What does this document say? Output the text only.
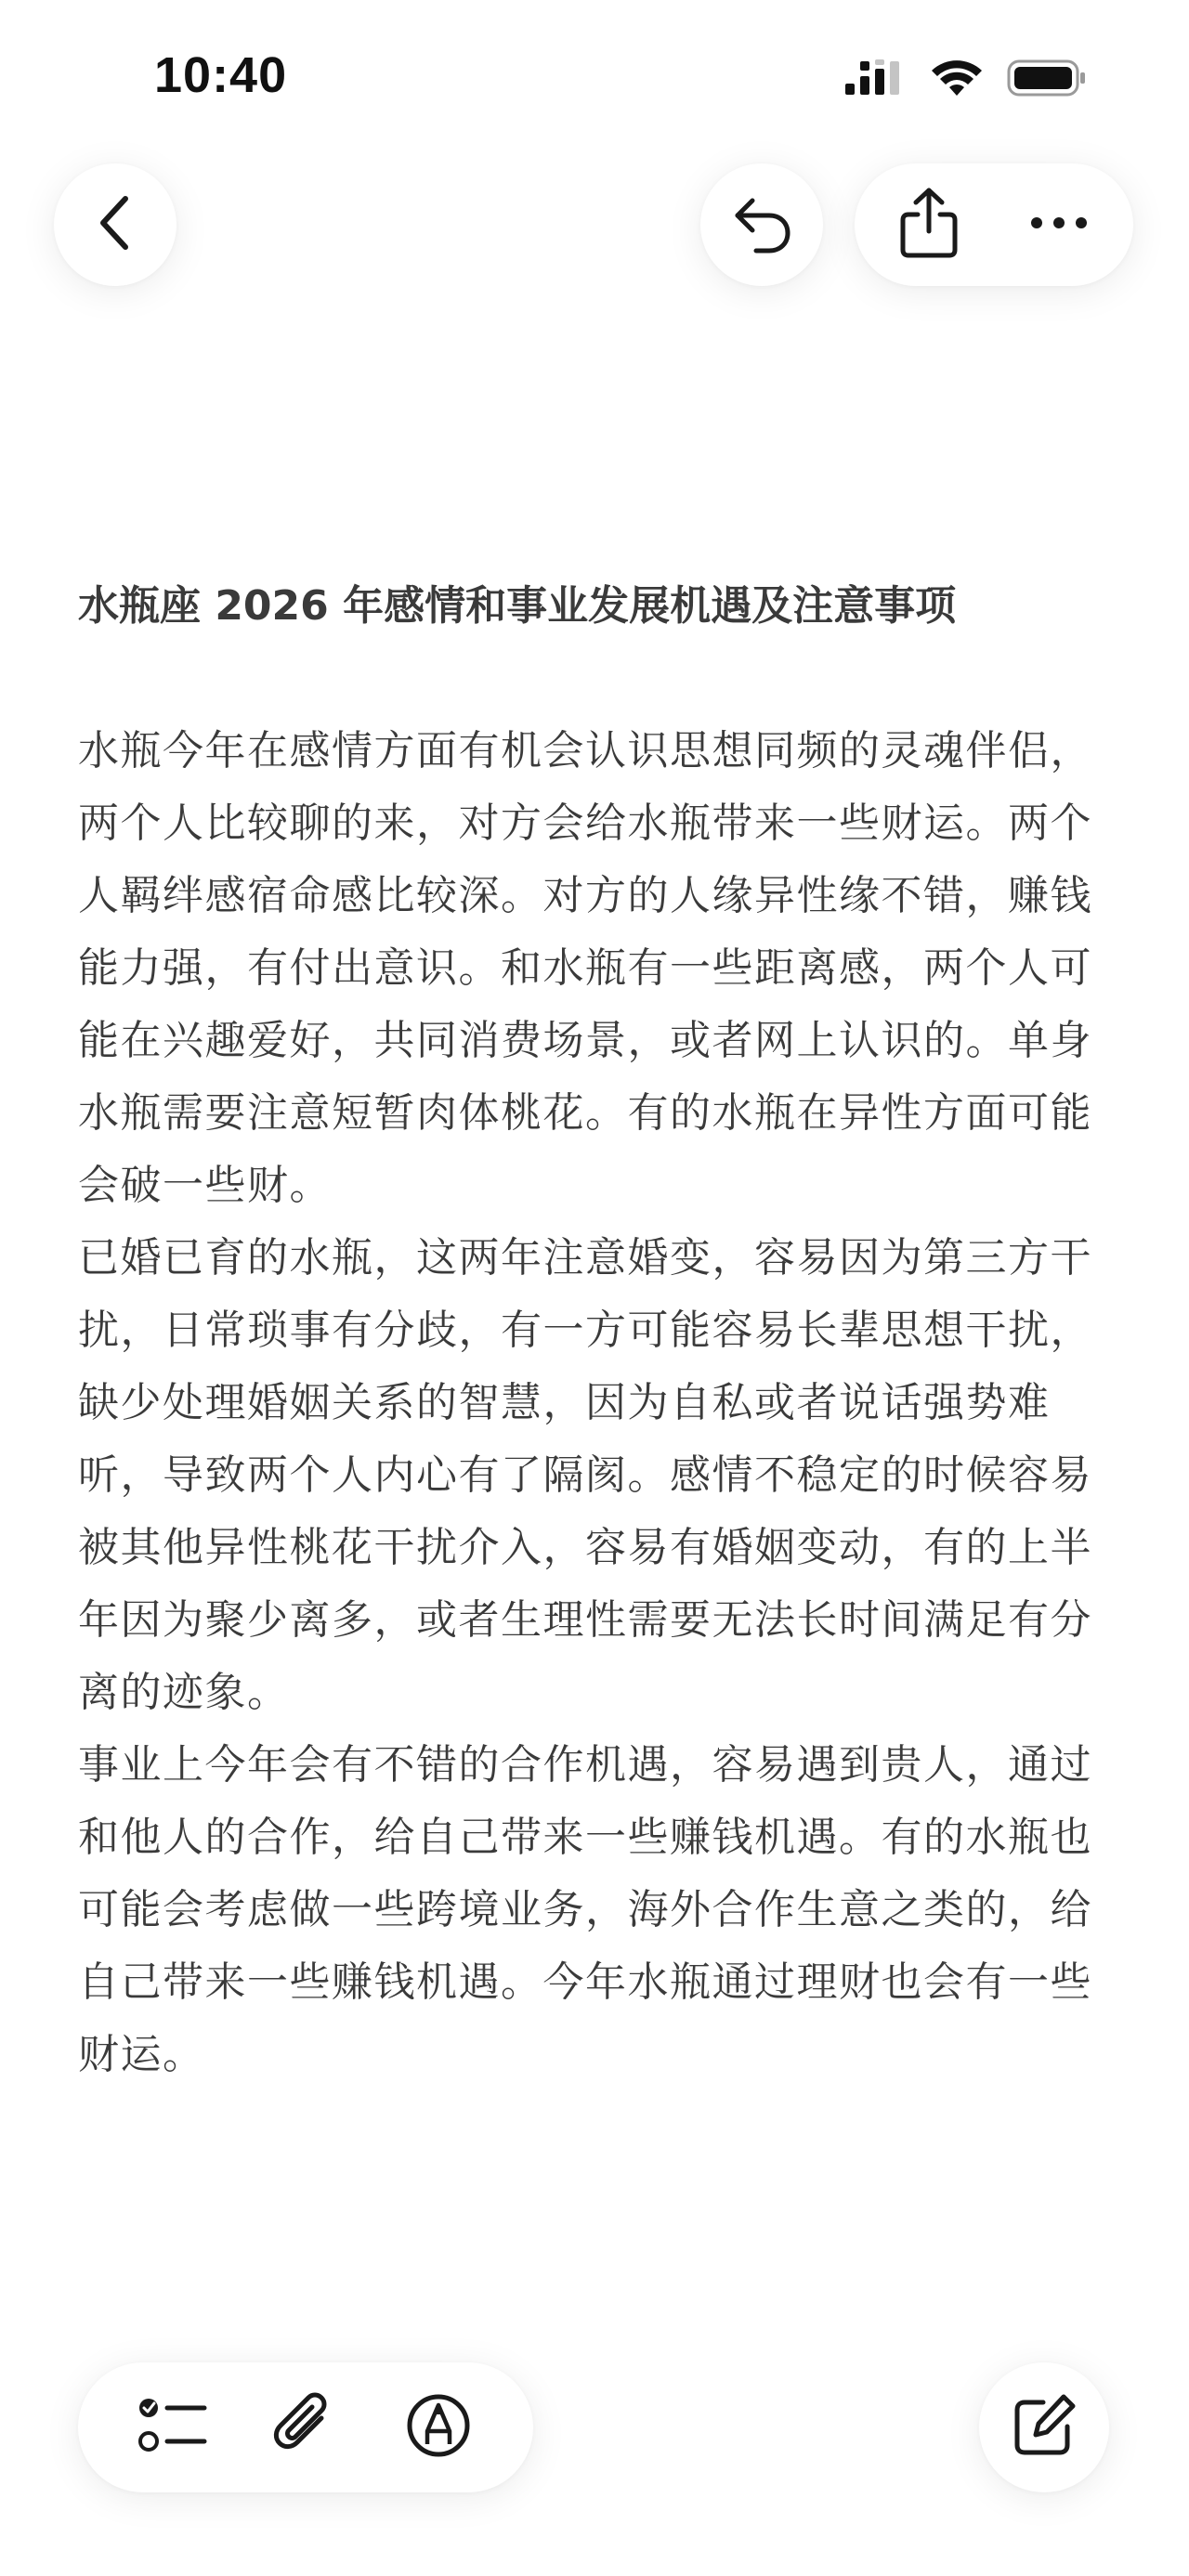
10:40
水瓶座 2026 年感情和事业发展机遇及注意事项

水瓶今年在感情方面有机会认识思想同频的灵魂伴侣，两个人比较聊的来，对方会给水瓶带来一些财运。两个人羁绊感宿命感比较深。对方的人缘异性缘不错，赚钱能力强，有付出意识。和水瓶有一些距离感，两个人可能在兴趣爱好，共同消费场景，或者网上认识的。单身水瓶需要注意短暂肉体桃花。有的水瓶在异性方面可能会破一些财。

已婚已育的水瓶，这两年注意婚变，容易因为第三方干扰，日常琐事有分歧，有一方可能容易长辈思想干扰，缺少处理婚姻关系的智慧，因为自私或者说话强势难听，导致两个人内心有了隔阂。感情不稳定的时候容易被其他异性桃花干扰介入，容易有婚姻变动，有的上半年因为聚少离多，或者生理性需要无法长时间满足有分离的迹象。

事业上今年会有不错的合作机遇，容易遇到贵人，通过和他人的合作，给自己带来一些赚钱机遇。有的水瓶也可能会考虑做一些跨境业务，海外合作生意之类的，给自己带来一些赚钱机遇。今年水瓶通过理财也会有一些财运。
